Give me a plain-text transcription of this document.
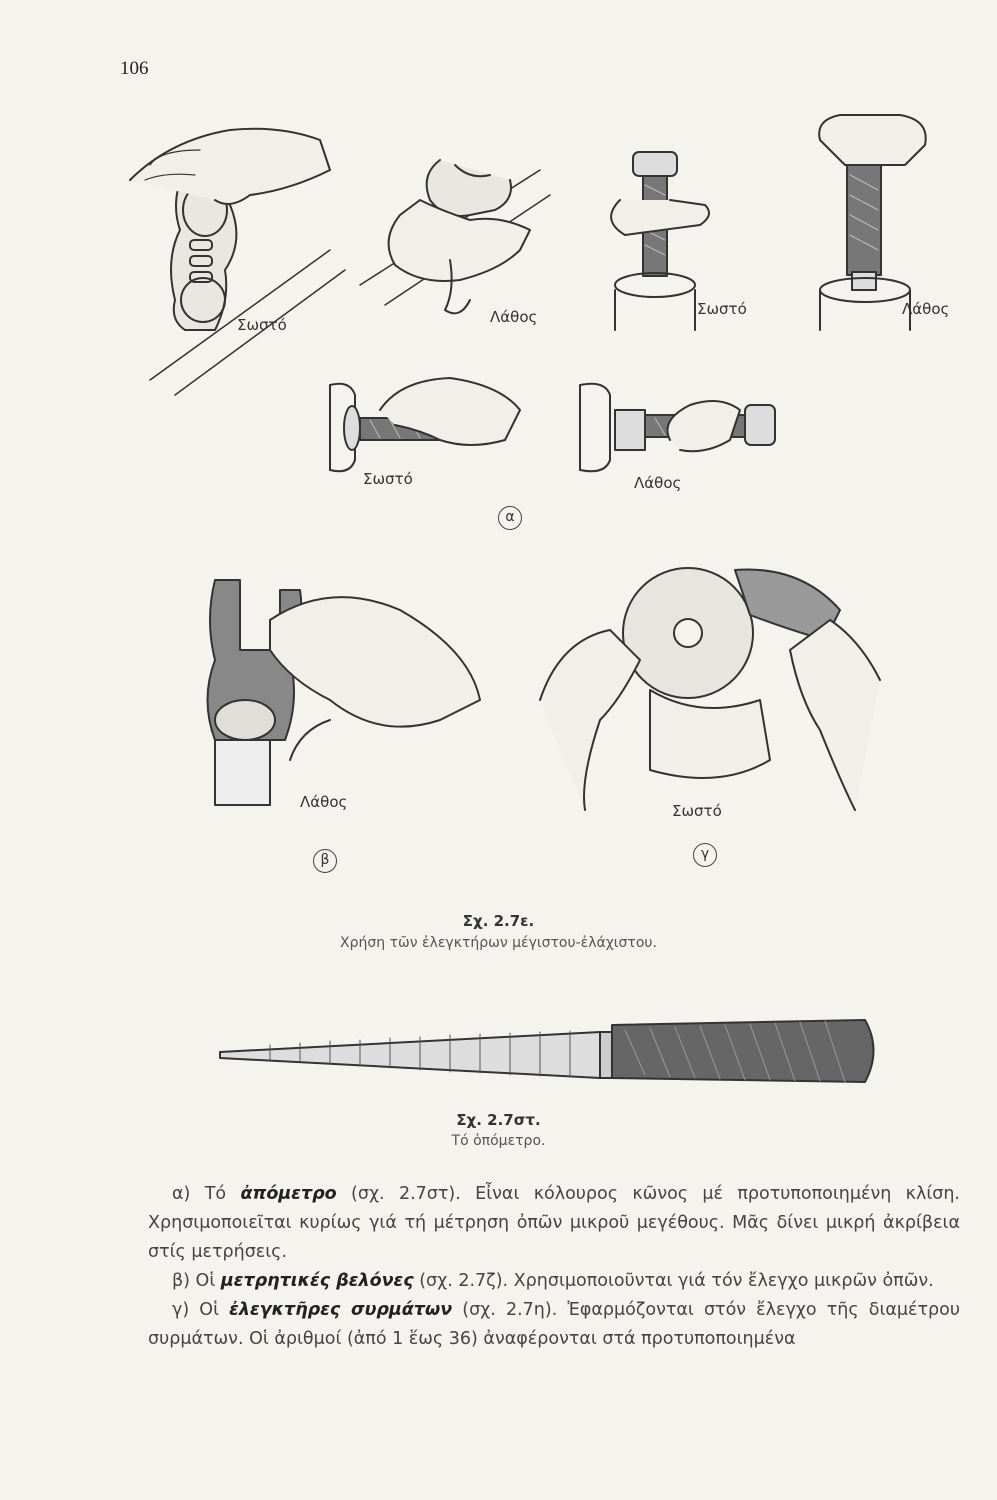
106
Σωστό	Λάθος	Σωστό	Λάθος
Σωστό	Λάθος
α
Λάθος	Σωστό
β	γ
Σχ. 2.7ε.
Χρήση τῶν ἐλεγκτήρων μέγιστου-ἐλάχιστου.
Σχ. 2.7στ.
Τό ὀπόμετρο.

α) Τό ἀπόμετρο (σχ. 2.7στ). Εἶναι κόλουρος κῶνος μέ προτυποποιημένη κλίση. Χρησιμοποιεῖται κυρίως γιά τή μέτρηση ὀπῶν μικροῦ μεγέθους. Μᾶς δίνει μικρή ἀκρίβεια στίς μετρήσεις.

β) Οἱ μετρητικές βελόνες (σχ. 2.7ζ). Χρησιμοποιοῦνται γιά τόν ἔλεγχο μικρῶν ὀπῶν.

γ) Οἱ ἐλεγκτῆρες συρμάτων (σχ. 2.7η). Ἐφαρμόζονται στόν ἔλεγχο τῆς διαμέτρου συρμάτων. Οἱ ἀριθμοί (ἀπό 1 ἕως 36) ἀναφέρονται στά προτυποποιημένα
